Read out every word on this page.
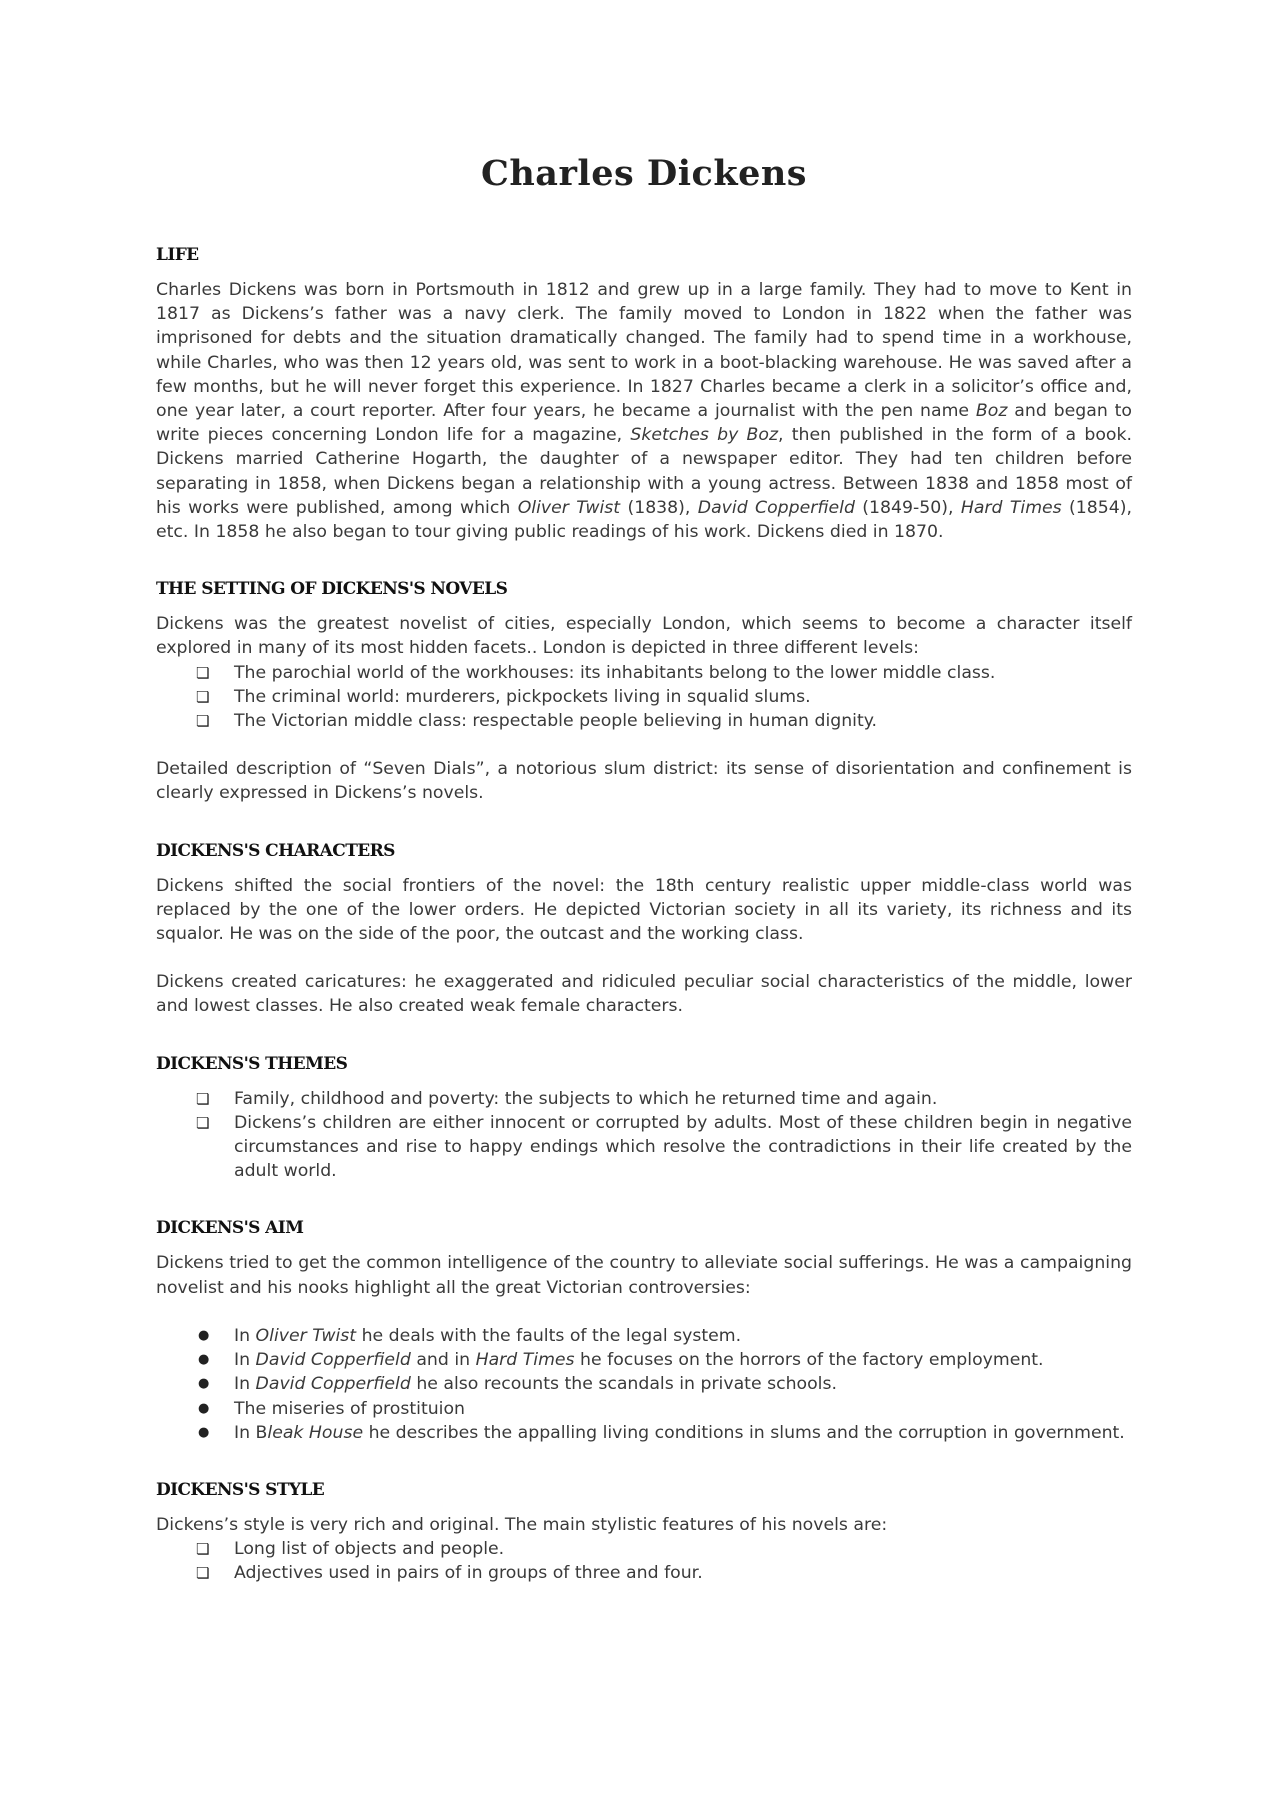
Charles Dickens
LIFE

Charles Dickens was born in Portsmouth in 1812 and grew up in a large family. They had to move to Kent in 1817 as Dickens’s father was a navy clerk. The family moved to London in 1822 when the father was imprisoned for debts and the situation dramatically changed. The family had to spend time in a workhouse, while Charles, who was then 12 years old, was sent to work in a boot-blacking warehouse. He was saved after a few months, but he will never forget this experience. In 1827 Charles became a clerk in a solicitor’s office and, one year later, a court reporter. After four years, he became a journalist with the pen name Boz and began to write pieces concerning London life for a magazine, Sketches by Boz, then published in the form of a book. Dickens married Catherine Hogarth, the daughter of a newspaper editor. They had ten children before separating in 1858, when Dickens began a relationship with a young actress. Between 1838 and 1858 most of his works were published, among which Oliver Twist (1838), David Copperfield (1849-50), Hard Times (1854), etc. In 1858 he also began to tour giving public readings of his work. Dickens died in 1870.

THE SETTING OF DICKENS'S NOVELS

Dickens was the greatest novelist of cities, especially London, which seems to become a character itself explored in many of its most hidden facets.. London is depicted in three different levels:

❏ The parochial world of the workhouses: its inhabitants belong to the lower middle class.
❏ The criminal world: murderers, pickpockets living in squalid slums.
❏ The Victorian middle class: respectable people believing in human dignity.

Detailed description of “Seven Dials”, a notorious slum district: its sense of disorientation and confinement is clearly expressed in Dickens’s novels.

DICKENS'S CHARACTERS

Dickens shifted the social frontiers of the novel: the 18th century realistic upper middle-class world was replaced by the one of the lower orders. He depicted Victorian society in all its variety, its richness and its squalor. He was on the side of the poor, the outcast and the working class.

Dickens created caricatures: he exaggerated and ridiculed peculiar social characteristics of the middle, lower and lowest classes. He also created weak female characters.

DICKENS'S THEMES
❏ Family, childhood and poverty: the subjects to which he returned time and again.
❏ Dickens’s children are either innocent or corrupted by adults. Most of these children begin in negative circumstances and rise to happy endings which resolve the contradictions in their life created by the adult world.
DICKENS'S AIM

Dickens tried to get the common intelligence of the country to alleviate social sufferings. He was a campaigning novelist and his nooks highlight all the great Victorian controversies:

● In Oliver Twist he deals with the faults of the legal system.
● In David Copperfield and in Hard Times he focuses on the horrors of the factory employment.
● In David Copperfield he also recounts the scandals in private schools.
● The miseries of prostituion
● In Bleak House he describes the appalling living conditions in slums and the corruption in government.
DICKENS'S STYLE

Dickens’s style is very rich and original. The main stylistic features of his novels are:

❏ Long list of objects and people.
❏ Adjectives used in pairs of in groups of three and four.
